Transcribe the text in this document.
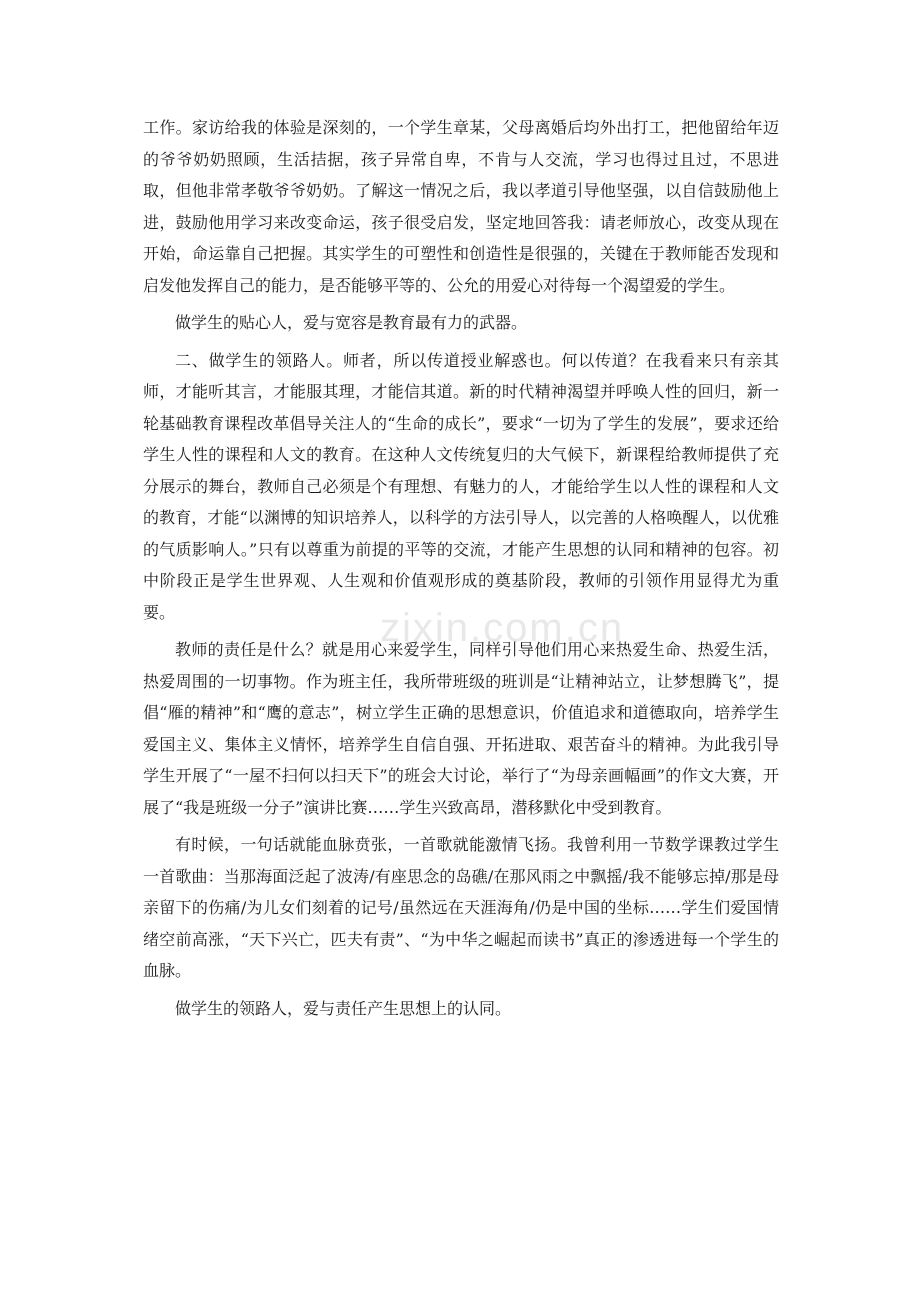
工作。家访给我的体验是深刻的，一个学生章某，父母离婚后均外出打工，把他留给年迈的爷爷奶奶照顾，生活拮据，孩子异常自卑，不肯与人交流，学习也得过且过，不思进取，但他非常孝敬爷爷奶奶。了解这一情况之后，我以孝道引导他坚强，以自信鼓励他上进，鼓励他用学习来改变命运，孩子很受启发，坚定地回答我：请老师放心，改变从现在开始，命运靠自己把握。其实学生的可塑性和创造性是很强的，关键在于教师能否发现和启发他发挥自己的能力，是否能够平等的、公允的用爱心对待每一个渴望爱的学生。

做学生的贴心人，爱与宽容是教育最有力的武器。

二、做学生的领路人。师者，所以传道授业解惑也。何以传道？在我看来只有亲其师，才能听其言，才能服其理，才能信其道。新的时代精神渴望并呼唤人性的回归，新一轮基础教育课程改革倡导关注人的“生命的成长”，要求“一切为了学生的发展”，要求还给学生人性的课程和人文的教育。在这种人文传统复归的大气候下，新课程给教师提供了充分展示的舞台，教师自己必须是个有理想、有魅力的人，才能给学生以人性的课程和人文的教育，才能“以渊博的知识培养人，以科学的方法引导人，以完善的人格唤醒人，以优雅的气质影响人。”只有以尊重为前提的平等的交流，才能产生思想的认同和精神的包容。初中阶段正是学生世界观、人生观和价值观形成的奠基阶段，教师的引领作用显得尤为重要。

教师的责任是什么？就是用心来爱学生，同样引导他们用心来热爱生命、热爱生活，热爱周围的一切事物。作为班主任，我所带班级的班训是“让精神站立，让梦想腾飞”，提倡“雁的精神”和“鹰的意志”，树立学生正确的思想意识，价值追求和道德取向，培养学生爱国主义、集体主义情怀，培养学生自信自强、开拓进取、艰苦奋斗的精神。为此我引导学生开展了“一屋不扫何以扫天下”的班会大讨论，举行了“为母亲画幅画”的作文大赛，开展了“我是班级一分子”演讲比赛……学生兴致高昂，潜移默化中受到教育。

有时候，一句话就能血脉贲张，一首歌就能激情飞扬。我曾利用一节数学课教过学生一首歌曲：当那海面泛起了波涛/有座思念的岛礁/在那风雨之中飘摇/我不能够忘掉/那是母亲留下的伤痛/为儿女们刻着的记号/虽然远在天涯海角/仍是中国的坐标……学生们爱国情绪空前高涨，“天下兴亡，匹夫有责”、“为中华之崛起而读书”真正的渗透进每一个学生的血脉。

做学生的领路人，爱与责任产生思想上的认同。

zixin.com.cn
